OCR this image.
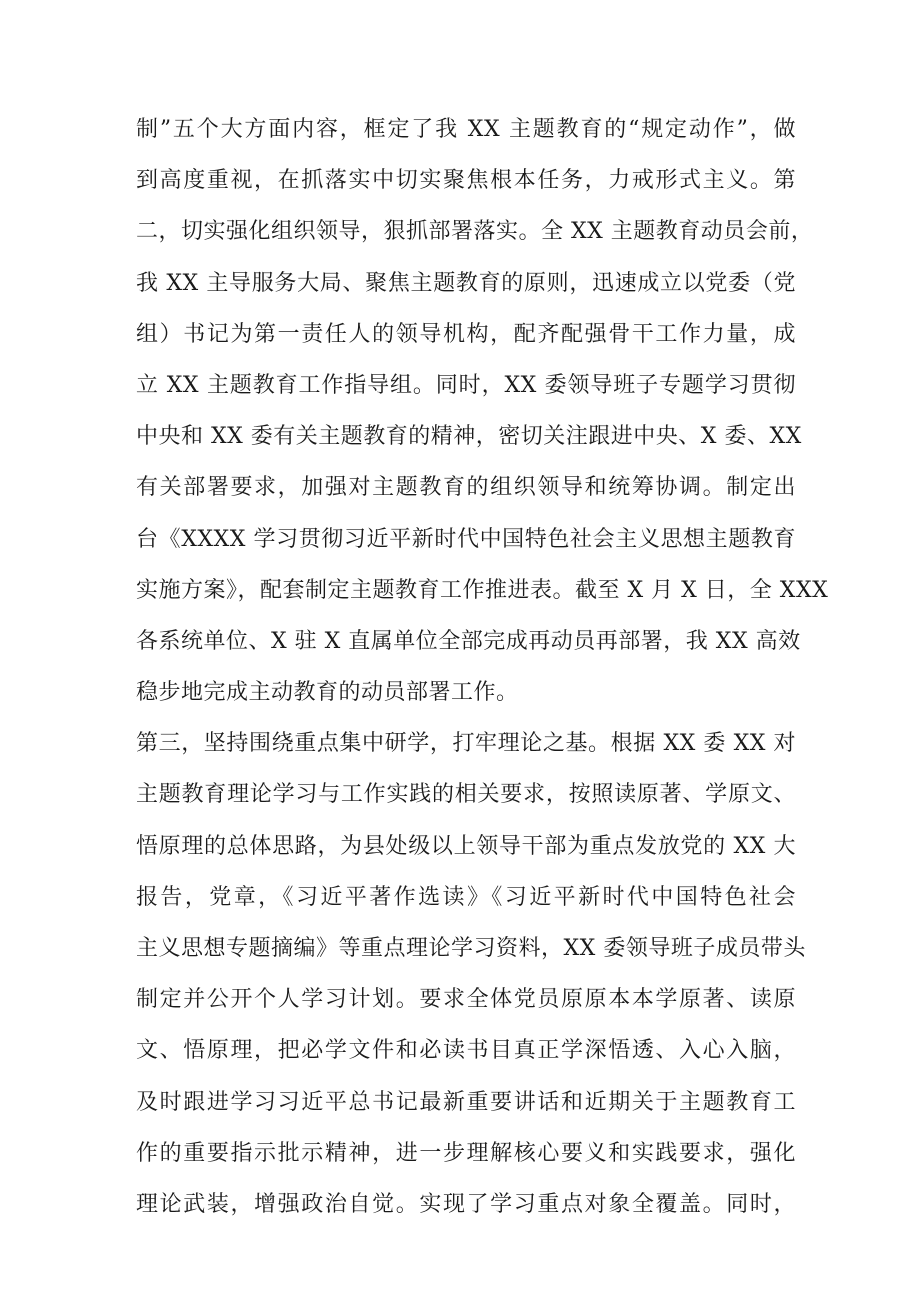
制”五个大方面内容，框定了我 XX 主题教育的“规定动作”，做
到高度重视，在抓落实中切实聚焦根本任务，力戒形式主义。第
二，切实强化组织领导，狠抓部署落实。全 XX 主题教育动员会前，
我 XX 主导服务大局、聚焦主题教育的原则，迅速成立以党委（党
组）书记为第一责任人的领导机构，配齐配强骨干工作力量，成
立 XX 主题教育工作指导组。同时，XX 委领导班子专题学习贯彻
中央和 XX 委有关主题教育的精神，密切关注跟进中央、X 委、XX
有关部署要求，加强对主题教育的组织领导和统筹协调。制定出
台《XXXX 学习贯彻习近平新时代中国特色社会主义思想主题教育
实施方案》，配套制定主题教育工作推进表。截至 X 月 X 日，全 XXX
各系统单位、X 驻 X 直属单位全部完成再动员再部署，我 XX 高效
稳步地完成主动教育的动员部署工作。
第三，坚持围绕重点集中研学，打牢理论之基。根据 XX 委 XX 对
主题教育理论学习与工作实践的相关要求，按照读原著、学原文、
悟原理的总体思路，为县处级以上领导干部为重点发放党的 XX 大
报告，党章，《习近平著作选读》《习近平新时代中国特色社会
主义思想专题摘编》等重点理论学习资料，XX 委领导班子成员带头
制定并公开个人学习计划。要求全体党员原原本本学原著、读原
文、悟原理，把必学文件和必读书目真正学深悟透、入心入脑，
及时跟进学习习近平总书记最新重要讲话和近期关于主题教育工
作的重要指示批示精神，进一步理解核心要义和实践要求，强化
理论武装，增强政治自觉。实现了学习重点对象全覆盖。同时，
